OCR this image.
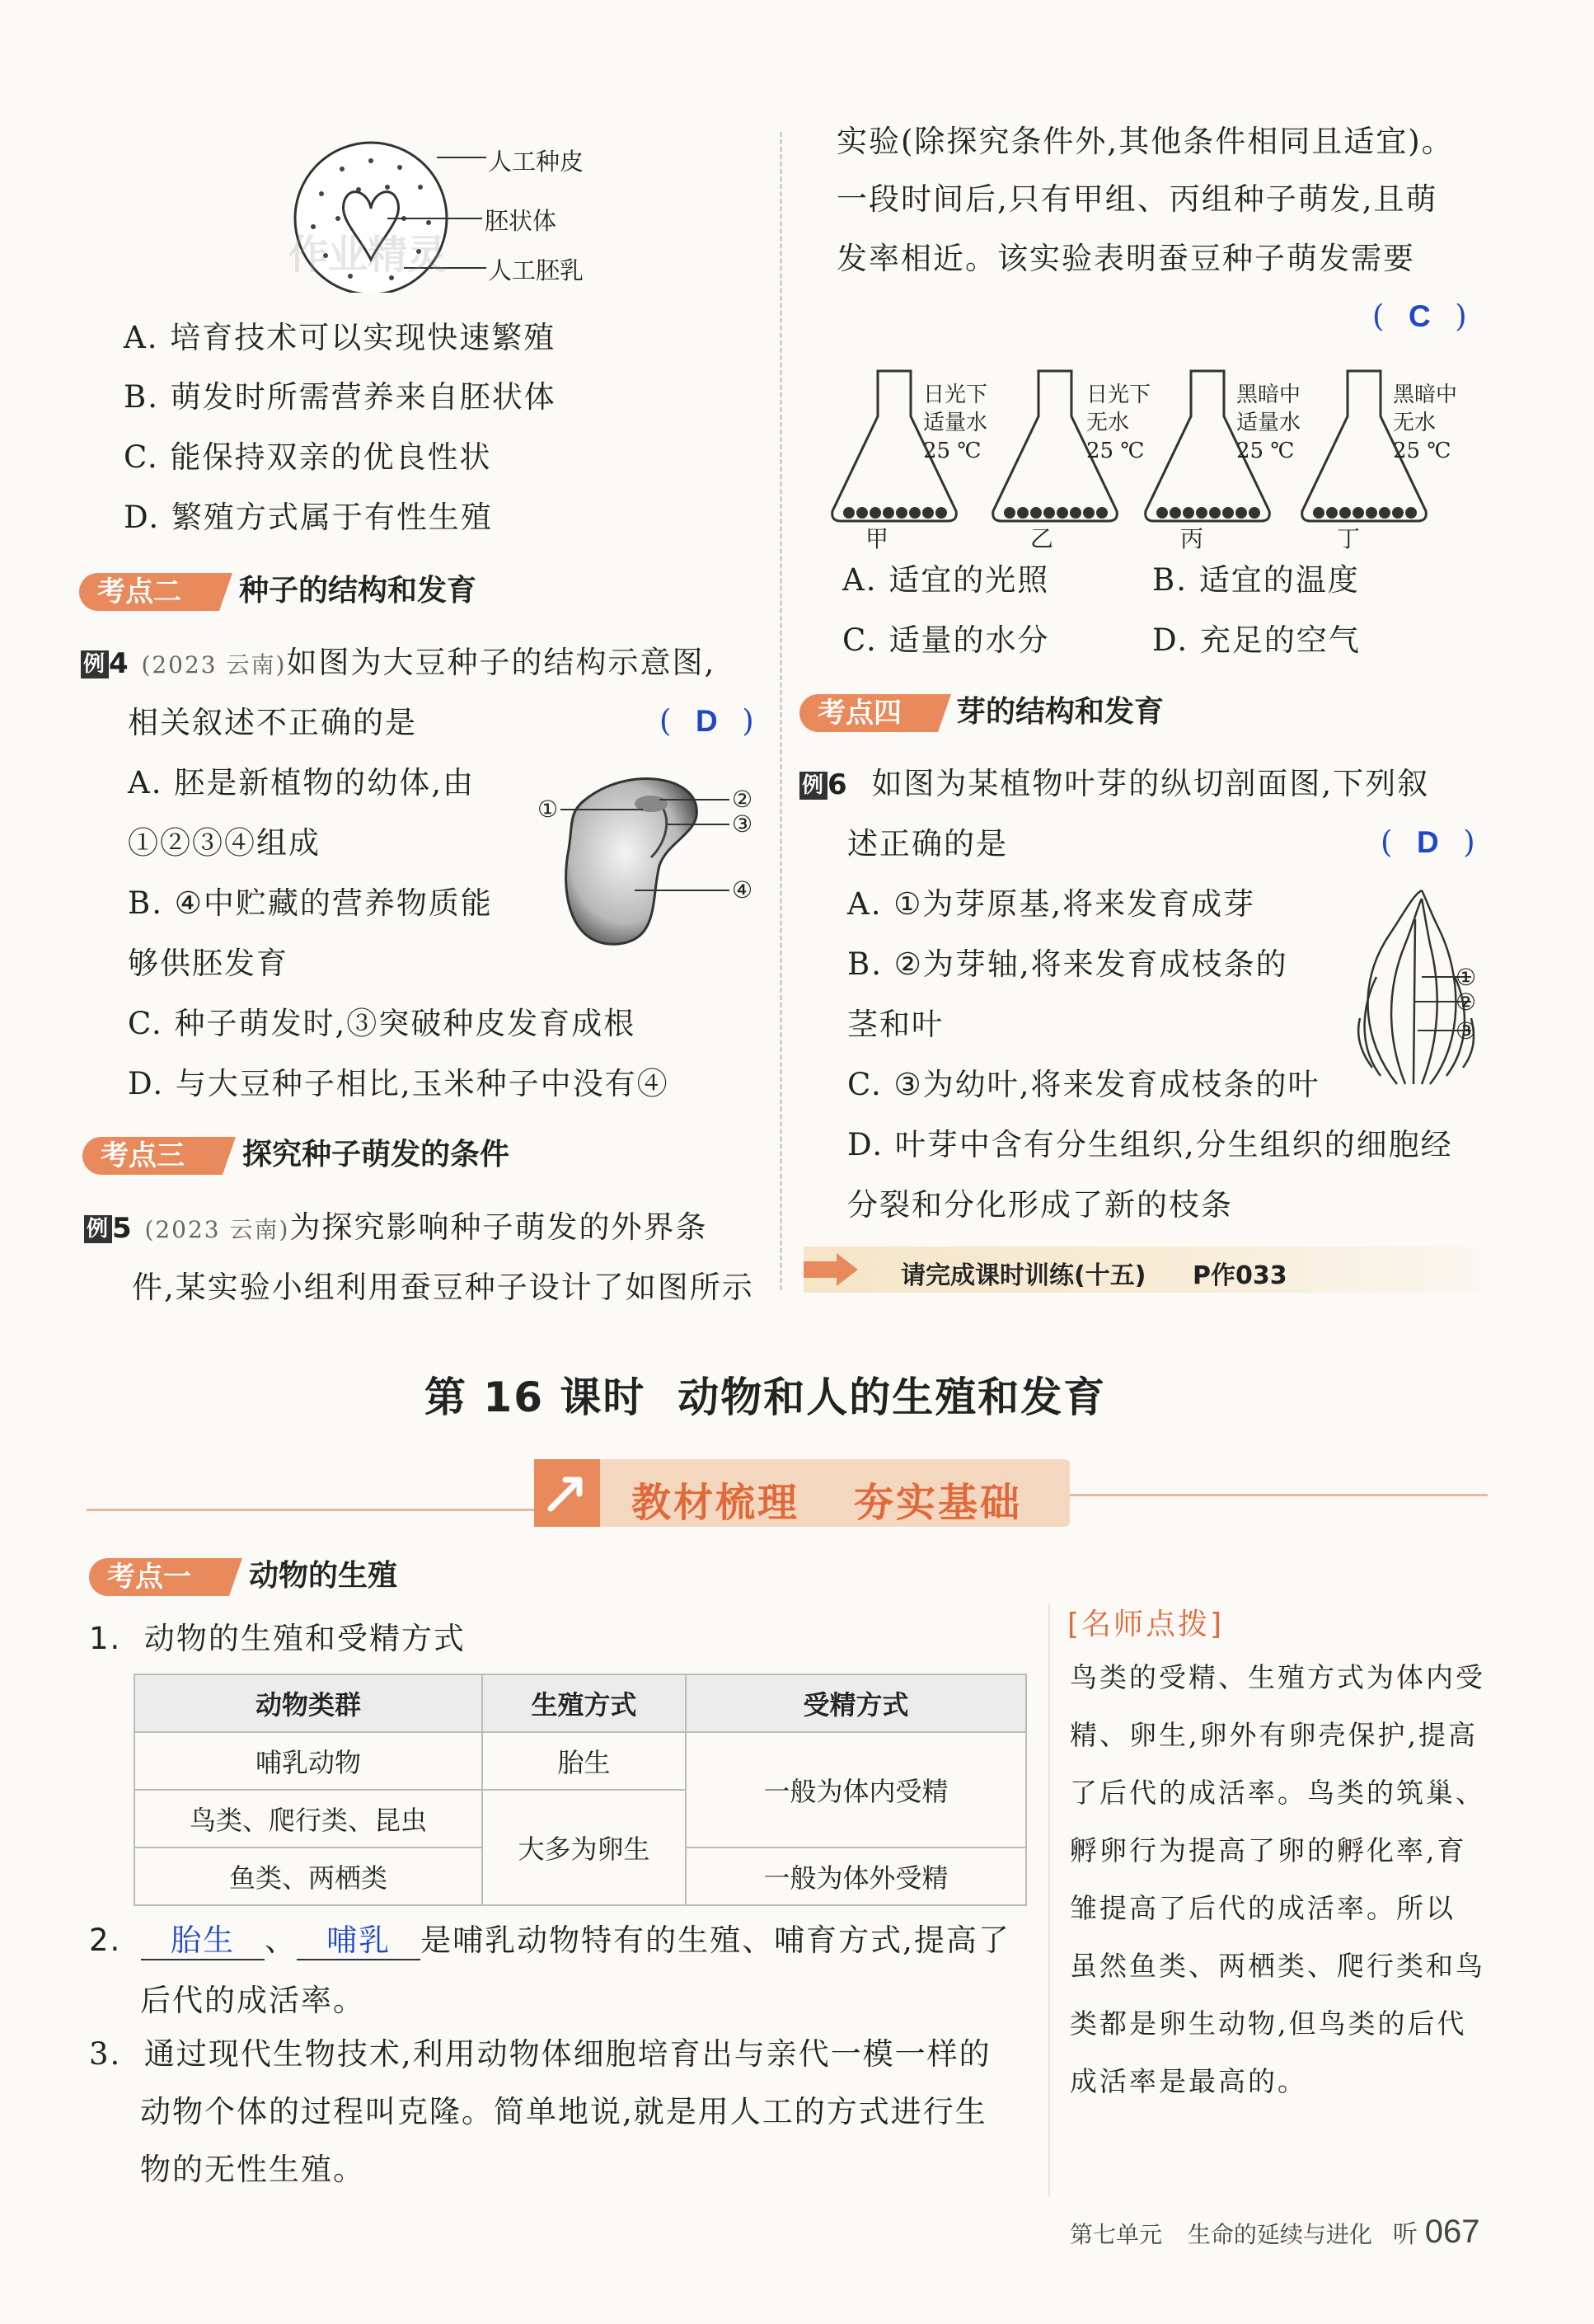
人工种皮
胚状体
人工胚乳
作业精灵
A. 培育技术可以实现快速繁殖
B. 萌发时所需营养来自胚状体
C. 能保持双亲的优良性状
D. 繁殖方式属于有性生殖
考点二	种子的结构和发育
例4 (2023 云南)如图为大豆种子的结构示意图,
相关叙述不正确的是	( D )
A. 胚是新植物的幼体,由
①②③④组成
B. ④中贮藏的营养物质能
够供胚发育
C. 种子萌发时,③突破种皮发育成根
D. 与大豆种子相比,玉米种子中没有④
①	②
③
④
考点三	探究种子萌发的条件
例5 (2023 云南)为探究影响种子萌发的外界条
件,某实验小组利用蚕豆种子设计了如图所示
实验(除探究条件外,其他条件相同且适宜)。
一段时间后,只有甲组、丙组种子萌发,且萌
发率相近。该实验表明蚕豆种子萌发需要
( C )
日光下
适量水
25 ℃
日光下
无水
25 ℃
黑暗中
适量水
25 ℃
黑暗中
无水
25 ℃
甲	乙	丙	丁
A. 适宜的光照	B. 适宜的温度
C. 适量的水分	D. 充足的空气
考点四	芽的结构和发育
例6 如图为某植物叶芽的纵切剖面图,下列叙
述正确的是	( D )
A. ①为芽原基,将来发育成芽
B. ②为芽轴,将来发育成枝条的
茎和叶
C. ③为幼叶,将来发育成枝条的叶
D. 叶芽中含有分生组织,分生组织的细胞经
分裂和分化形成了新的枝条
①
②
③
请完成课时训练(十五) P作033
第 16 课时  动物和人的生殖和发育
教材梳理 夯实基础
考点一	动物的生殖
1.  动物的生殖和受精方式
动物类群	生殖方式	受精方式
哺乳动物	胎生	一般为体内受精
鸟类、爬行类、昆虫	大多为卵生	
鱼类、两栖类		一般为体外受精
2. 胎生 、 哺乳 是哺乳动物特有的生殖、哺育方式,提高了
后代的成活率。
3.  通过现代生物技术,利用动物体细胞培育出与亲代一模一样的
动物个体的过程叫克隆。简单地说,就是用人工的方式进行生
物的无性生殖。
[名师点拨]
鸟类的受精、生殖方式为体内受
精、卵生,卵外有卵壳保护,提高
了后代的成活率。鸟类的筑巢、
孵卵行为提高了卵的孵化率,育
雏提高了后代的成活率。所以
虽然鱼类、两栖类、爬行类和鸟
类都是卵生动物,但鸟类的后代
成活率是最高的。
第七单元 生命的延续与进化 听 067
